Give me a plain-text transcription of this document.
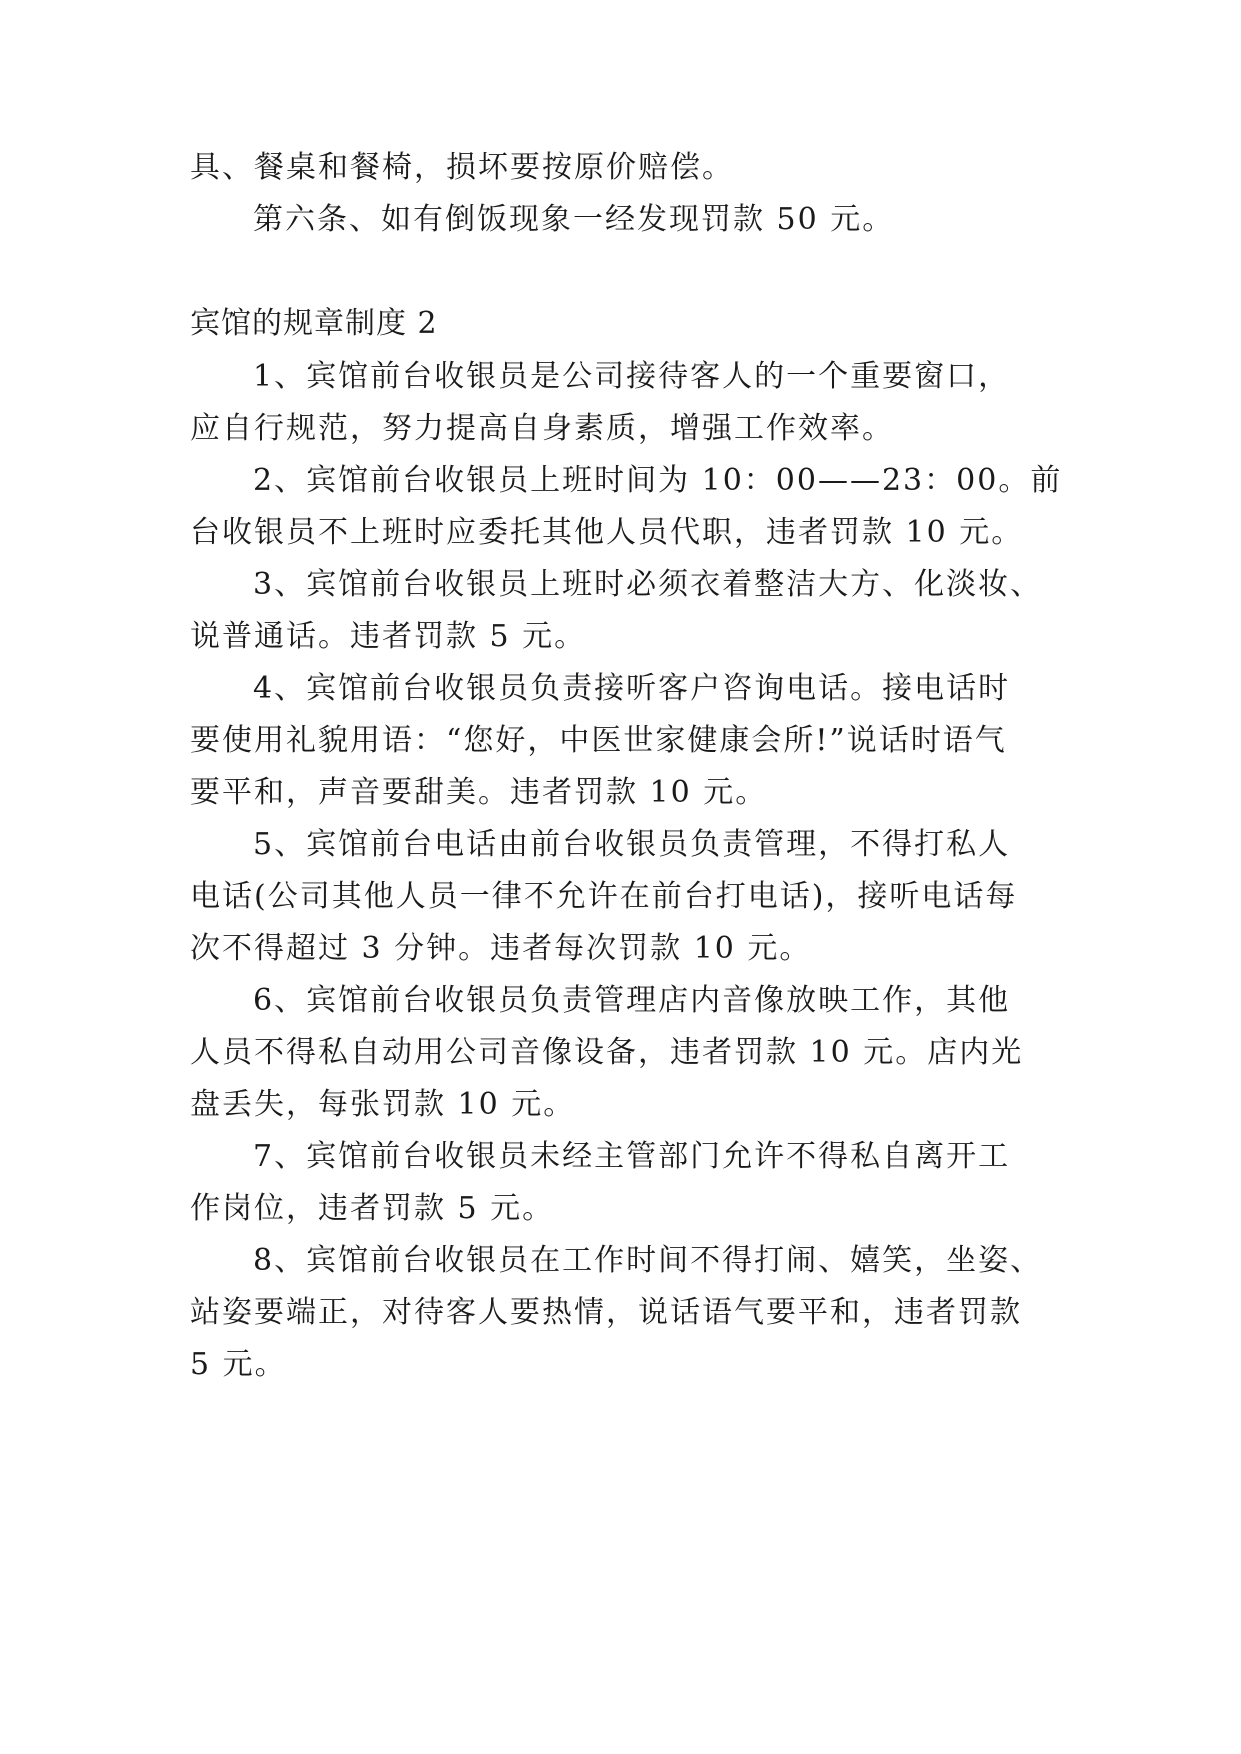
具、餐桌和餐椅，损坏要按原价赔偿。
第六条、如有倒饭现象一经发现罚款 50 元。
宾馆的规章制度 2
1、宾馆前台收银员是公司接待客人的一个重要窗口，
应自行规范，努力提高自身素质，增强工作效率。
2、宾馆前台收银员上班时间为 10：00——23：00。前
台收银员不上班时应委托其他人员代职，违者罚款 10 元。
3、宾馆前台收银员上班时必须衣着整洁大方、化淡妆、
说普通话。违者罚款 5 元。
4、宾馆前台收银员负责接听客户咨询电话。接电话时
要使用礼貌用语：“您好，中医世家健康会所!”说话时语气
要平和，声音要甜美。违者罚款 10 元。
5、宾馆前台电话由前台收银员负责管理，不得打私人
电话(公司其他人员一律不允许在前台打电话)，接听电话每
次不得超过 3 分钟。违者每次罚款 10 元。
6、宾馆前台收银员负责管理店内音像放映工作，其他
人员不得私自动用公司音像设备，违者罚款 10 元。店内光
盘丢失，每张罚款 10 元。
7、宾馆前台收银员未经主管部门允许不得私自离开工
作岗位，违者罚款 5 元。
8、宾馆前台收银员在工作时间不得打闹、嬉笑，坐姿、
站姿要端正，对待客人要热情，说话语气要平和，违者罚款
5 元。
